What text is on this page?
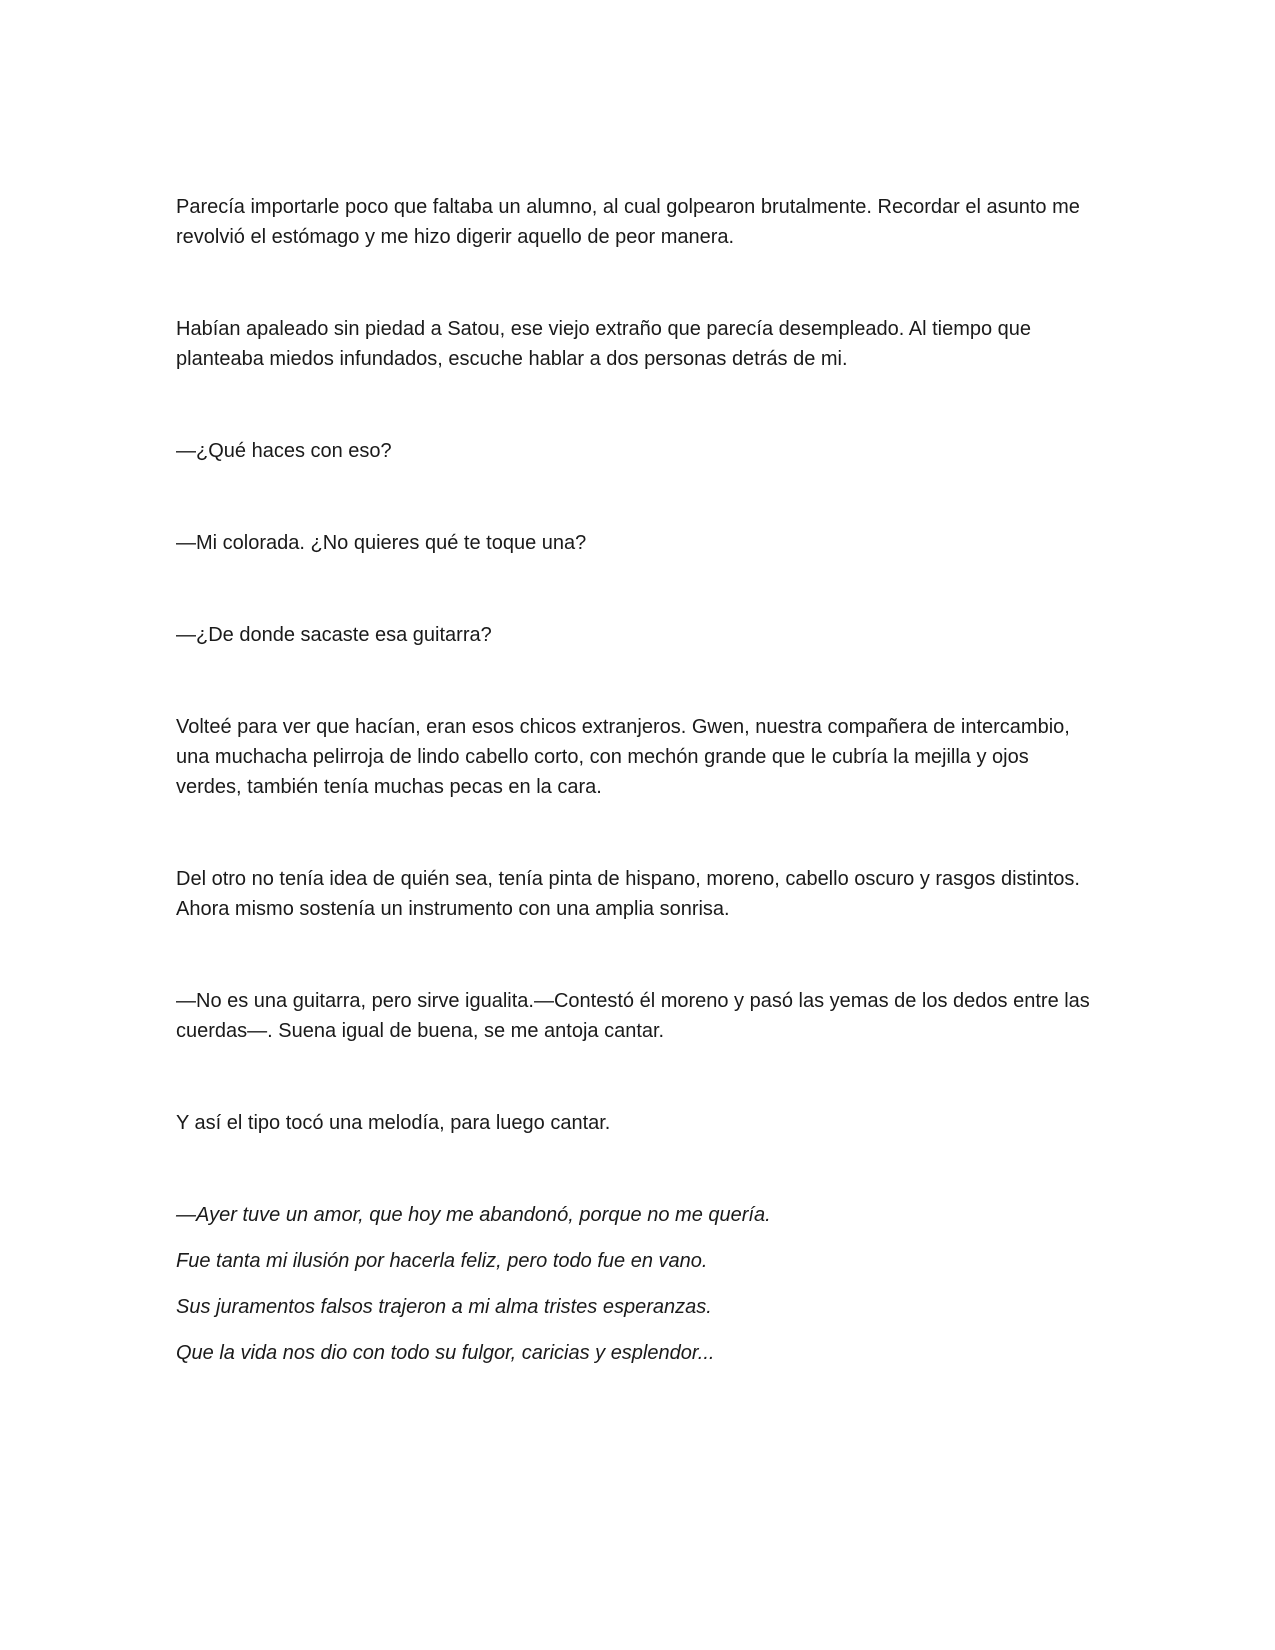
Parecía importarle poco que faltaba un alumno, al cual golpearon brutalmente. Recordar el asunto me revolvió el estómago y me hizo digerir aquello de peor manera.

Habían apaleado sin piedad a Satou, ese viejo extraño que parecía desempleado. Al tiempo que planteaba miedos infundados, escuche hablar a dos personas detrás de mi.

—¿Qué haces con eso?

—Mi colorada. ¿No quieres qué te toque una?

—¿De donde sacaste esa guitarra?

Volteé para ver que hacían, eran esos chicos extranjeros. Gwen, nuestra compañera de intercambio, una muchacha pelirroja de lindo cabello corto, con mechón grande que le cubría la mejilla y ojos verdes, también tenía muchas pecas en la cara.

Del otro no tenía idea de quién sea, tenía pinta de hispano, moreno, cabello oscuro y rasgos distintos. Ahora mismo sostenía un instrumento con una amplia sonrisa.

—No es una guitarra, pero sirve igualita.—Contestó él moreno y pasó las yemas de los dedos entre las cuerdas—. Suena igual de buena, se me antoja cantar.

Y así el tipo tocó una melodía, para luego cantar.

—Ayer tuve un amor, que hoy me abandonó, porque no me quería.

Fue tanta mi ilusión por hacerla feliz, pero todo fue en vano.

Sus juramentos falsos trajeron a mi alma tristes esperanzas.

Que la vida nos dio con todo su fulgor, caricias y esplendor...
